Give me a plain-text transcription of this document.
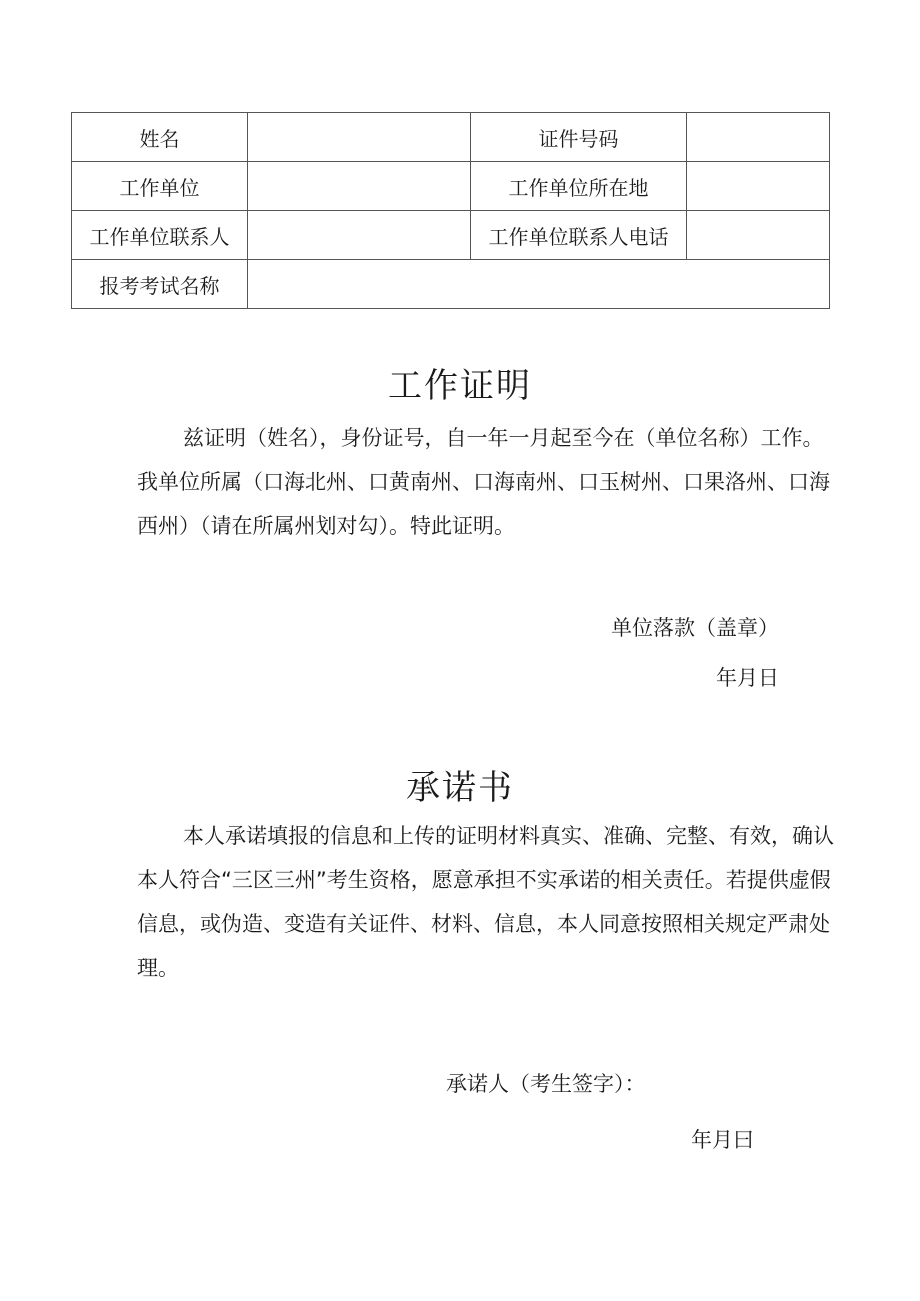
姓名		证件号码	
工作单位		工作单位所在地	
工作单位联系人		工作单位联系人电话	
报考考试名称			
工作证明
兹证明（姓名），身份证号，自一年一月起至今在（单位名称）工作。我单位所属（口海北州、口黄南州、口海南州、口玉树州、口果洛州、口海西州）（请在所属州划对勾）。特此证明。
单位落款（盖章）
年月日
承诺书
本人承诺填报的信息和上传的证明材料真实、准确、完整、有效，确认本人符合“三区三州”考生资格，愿意承担不实承诺的相关责任。若提供虚假信息，或伪造、变造有关证件、材料、信息，本人同意按照相关规定严肃处理。
承诺人（考生签字）：
年月曰
